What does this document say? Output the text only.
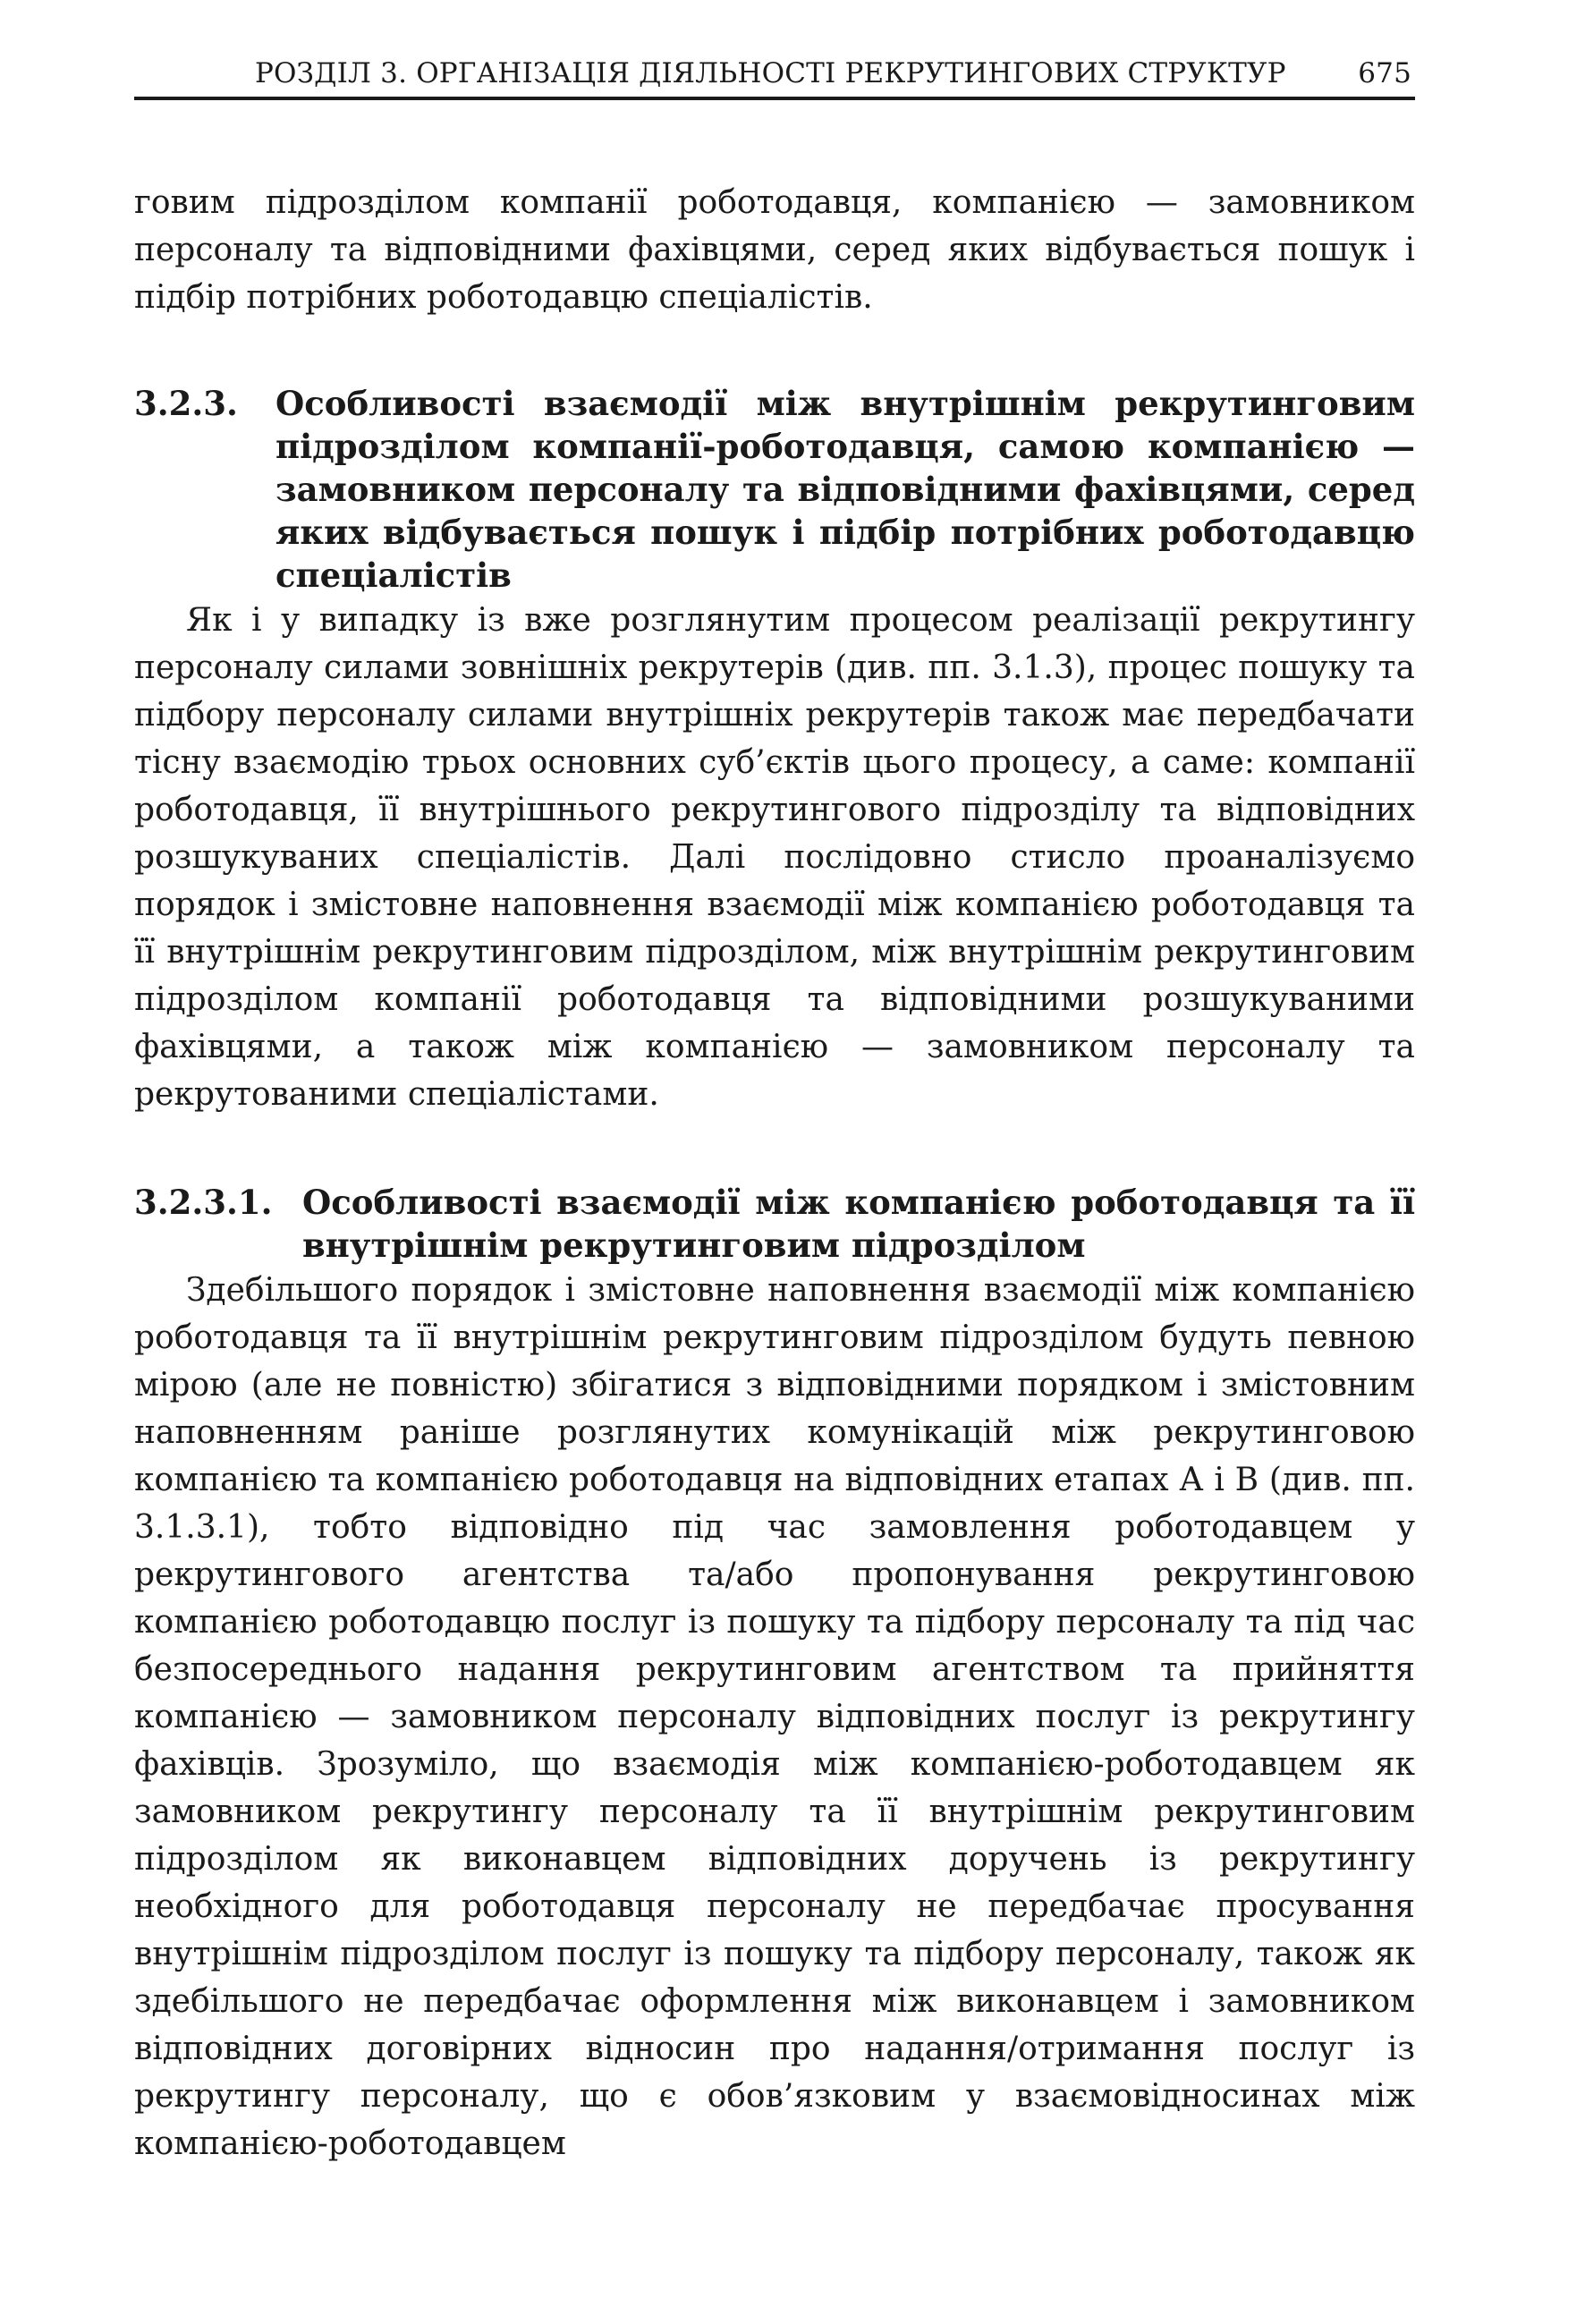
РОЗДІЛ 3. ОРГАНІЗАЦІЯ ДІЯЛЬНОСТІ РЕКРУТИНГОВИХ СТРУКТУР	675

говим підрозділом компанії роботодавця, компанією — замовником персоналу та відповідними фахівцями, серед яких відбувається пошук і підбір потрібних роботодавцю спеціалістів.

3.2.3.	Особливості взаємодії між внутрішнім рекрутинговим підрозділом компанії-роботодавця, самою компанією — замовником персоналу та відповідними фахівцями, серед яких відбувається пошук і підбір потрібних роботодавцю спеціалістів

Як і у випадку із вже розглянутим процесом реалізації рекрутингу персоналу силами зовнішніх рекрутерів (див. пп. 3.1.3), процес пошуку та підбору персоналу силами внутрішніх рекрутерів також має передбачати тісну взаємодію трьох основних суб’єктів цього процесу, а саме: компанії роботодавця, її внутрішнього рекрутингового підрозділу та відповідних розшукуваних спеціалістів. Далі послідовно стисло проаналізуємо порядок і змістовне наповнення взаємодії між компанією роботодавця та її внутрішнім рекрутинговим підрозділом, між внутрішнім рекрутинговим підрозділом компанії роботодавця та відповідними розшукуваними фахівцями, а також між компанією — замовником персоналу та рекрутованими спеціалістами.

3.2.3.1. Особливості взаємодії між компанією роботодавця та її внутрішнім рекрутинговим підрозділом

Здебільшого порядок і змістовне наповнення взаємодії між компанією роботодавця та її внутрішнім рекрутинговим підрозділом будуть певною мірою (але не повністю) збігатися з відповідними порядком і змістовним наповненням раніше розглянутих комунікацій між рекрутинговою компанією та компанією роботодавця на відповідних етапах А і В (див. пп. 3.1.3.1), тобто відповідно під час замовлення роботодавцем у рекрутингового агентства та/або пропонування рекрутинговою компанією роботодавцю послуг із пошуку та підбору персоналу та під час безпосереднього надання рекрутинговим агентством та прийняття компанією — замовником персоналу відповідних послуг із рекрутингу фахівців. Зрозуміло, що взаємодія між компанією-роботодавцем як замовником рекрутингу персоналу та її внутрішнім рекрутинговим підрозділом як виконавцем відповідних доручень із рекрутингу необхідного для роботодавця персоналу не передбачає просування внутрішнім підрозділом послуг із пошуку та підбору персоналу, також як здебільшого не передбачає оформлення між виконавцем і замовником відповідних договірних відносин про надання/отримання послуг із рекрутингу персоналу, що є обов’язковим у взаємовідносинах між компанією-роботодавцем
